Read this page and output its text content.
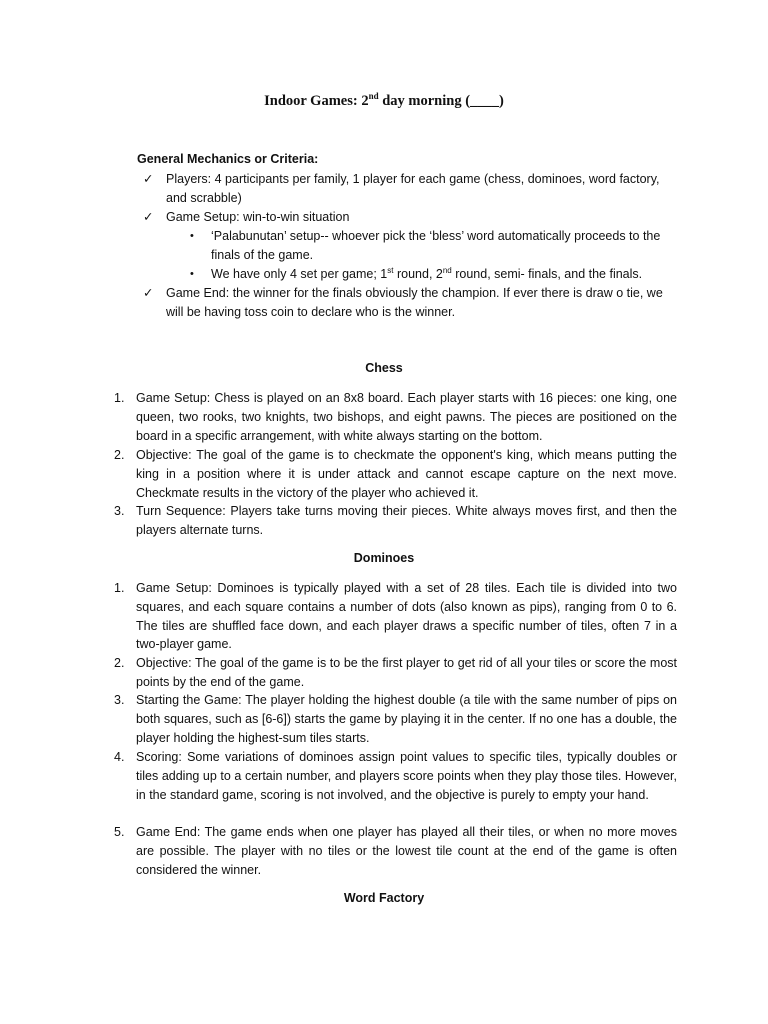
Indoor Games: 2nd day morning (____)
General Mechanics or Criteria:
✓ Players: 4 participants per family, 1 player for each game (chess, dominoes, word factory, and scrabble)
✓ Game Setup: win-to-win situation
• ‘Palabunutan’ setup-- whoever pick the ‘bless’ word automatically proceeds to the finals of the game.
• We have only 4 set per game; 1st round, 2nd round, semi- finals, and the finals.
✓ Game End: the winner for the finals obviously the champion. If ever there is draw o tie, we will be having toss coin to declare who is the winner.
Chess
1. Game Setup: Chess is played on an 8x8 board. Each player starts with 16 pieces: one king, one queen, two rooks, two knights, two bishops, and eight pawns. The pieces are positioned on the board in a specific arrangement, with white always starting on the bottom.
2. Objective: The goal of the game is to checkmate the opponent's king, which means putting the king in a position where it is under attack and cannot escape capture on the next move. Checkmate results in the victory of the player who achieved it.
3. Turn Sequence: Players take turns moving their pieces. White always moves first, and then the players alternate turns.
Dominoes
1. Game Setup: Dominoes is typically played with a set of 28 tiles. Each tile is divided into two squares, and each square contains a number of dots (also known as pips), ranging from 0 to 6. The tiles are shuffled face down, and each player draws a specific number of tiles, often 7 in a two-player game.
2. Objective: The goal of the game is to be the first player to get rid of all your tiles or score the most points by the end of the game.
3. Starting the Game: The player holding the highest double (a tile with the same number of pips on both squares, such as [6-6]) starts the game by playing it in the center. If no one has a double, the player holding the highest-sum tiles starts.
4. Scoring: Some variations of dominoes assign point values to specific tiles, typically doubles or tiles adding up to a certain number, and players score points when they play those tiles. However, in the standard game, scoring is not involved, and the objective is purely to empty your hand.
5. Game End: The game ends when one player has played all their tiles, or when no more moves are possible. The player with no tiles or the lowest tile count at the end of the game is often considered the winner.
Word Factory
